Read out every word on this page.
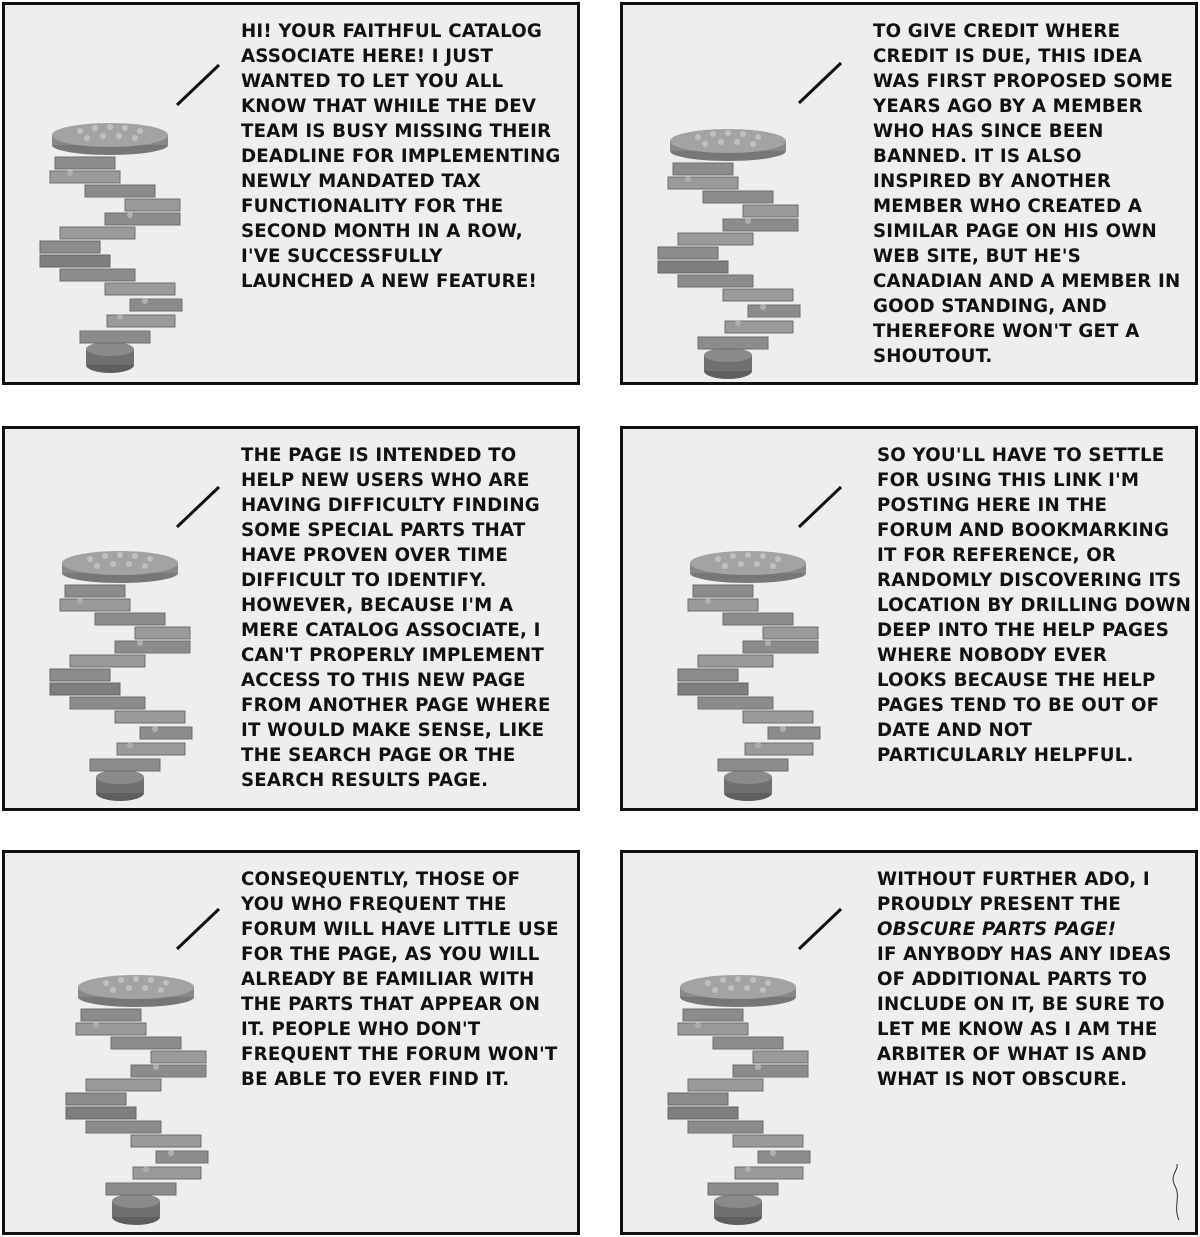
HI! YOUR FAITHFUL CATALOG
ASSOCIATE HERE! I JUST
WANTED TO LET YOU ALL
KNOW THAT WHILE THE DEV
TEAM IS BUSY MISSING THEIR
DEADLINE FOR IMPLEMENTING
NEWLY MANDATED TAX
FUNCTIONALITY FOR THE
SECOND MONTH IN A ROW,
I'VE SUCCESSFULLY
LAUNCHED A NEW FEATURE!

TO GIVE CREDIT WHERE
CREDIT IS DUE, THIS IDEA
WAS FIRST PROPOSED SOME
YEARS AGO BY A MEMBER
WHO HAS SINCE BEEN
BANNED. IT IS ALSO
INSPIRED BY ANOTHER
MEMBER WHO CREATED A
SIMILAR PAGE ON HIS OWN
WEB SITE, BUT HE'S
CANADIAN AND A MEMBER IN
GOOD STANDING, AND
THEREFORE WON'T GET A
SHOUTOUT.

THE PAGE IS INTENDED TO
HELP NEW USERS WHO ARE
HAVING DIFFICULTY FINDING
SOME SPECIAL PARTS THAT
HAVE PROVEN OVER TIME
DIFFICULT TO IDENTIFY.
HOWEVER, BECAUSE I'M A
MERE CATALOG ASSOCIATE, I
CAN'T PROPERLY IMPLEMENT
ACCESS TO THIS NEW PAGE
FROM ANOTHER PAGE WHERE
IT WOULD MAKE SENSE, LIKE
THE SEARCH PAGE OR THE
SEARCH RESULTS PAGE.

SO YOU'LL HAVE TO SETTLE
FOR USING THIS LINK I'M
POSTING HERE IN THE
FORUM AND BOOKMARKING
IT FOR REFERENCE, OR
RANDOMLY DISCOVERING ITS
LOCATION BY DRILLING DOWN
DEEP INTO THE HELP PAGES
WHERE NOBODY EVER
LOOKS BECAUSE THE HELP
PAGES TEND TO BE OUT OF
DATE AND NOT
PARTICULARLY HELPFUL.

CONSEQUENTLY, THOSE OF
YOU WHO FREQUENT THE
FORUM WILL HAVE LITTLE USE
FOR THE PAGE, AS YOU WILL
ALREADY BE FAMILIAR WITH
THE PARTS THAT APPEAR ON
IT. PEOPLE WHO DON'T
FREQUENT THE FORUM WON'T
BE ABLE TO EVER FIND IT.

WITHOUT FURTHER ADO, I
PROUDLY PRESENT THE
OBSCURE PARTS PAGE!
IF ANYBODY HAS ANY IDEAS
OF ADDITIONAL PARTS TO
INCLUDE ON IT, BE SURE TO
LET ME KNOW AS I AM THE
ARBITER OF WHAT IS AND
WHAT IS NOT OBSCURE.
